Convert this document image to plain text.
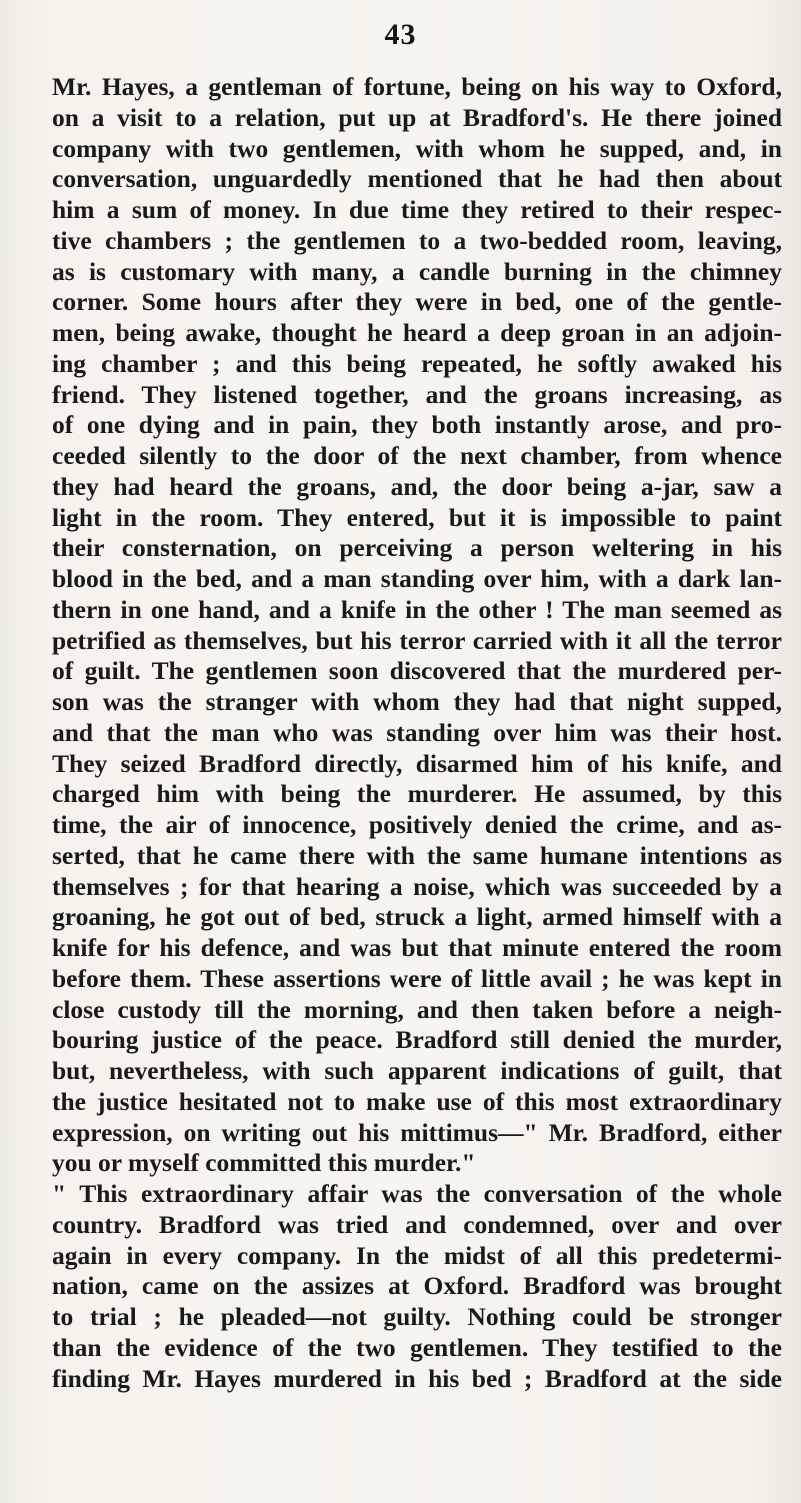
43
Mr. Hayes, a gentleman of fortune, being on his way to Oxford,
on a visit to a relation, put up at Bradford's. He there joined
company with two gentlemen, with whom he supped, and, in
conversation, unguardedly mentioned that he had then about
him a sum of money. In due time they retired to their respec-
tive chambers ; the gentlemen to a two-bedded room, leaving,
as is customary with many, a candle burning in the chimney
corner. Some hours after they were in bed, one of the gentle-
men, being awake, thought he heard a deep groan in an adjoin-
ing chamber ; and this being repeated, he softly awaked his
friend. They listened together, and the groans increasing, as
of one dying and in pain, they both instantly arose, and pro-
ceeded silently to the door of the next chamber, from whence
they had heard the groans, and, the door being a-jar, saw a
light in the room. They entered, but it is impossible to paint
their consternation, on perceiving a person weltering in his
blood in the bed, and a man standing over him, with a dark lan-
thern in one hand, and a knife in the other ! The man seemed as
petrified as themselves, but his terror carried with it all the terror
of guilt. The gentlemen soon discovered that the murdered per-
son was the stranger with whom they had that night supped,
and that the man who was standing over him was their host.
They seized Bradford directly, disarmed him of his knife, and
charged him with being the murderer. He assumed, by this
time, the air of innocence, positively denied the crime, and as-
serted, that he came there with the same humane intentions as
themselves ; for that hearing a noise, which was succeeded by a
groaning, he got out of bed, struck a light, armed himself with a
knife for his defence, and was but that minute entered the room
before them. These assertions were of little avail ; he was kept in
close custody till the morning, and then taken before a neigh-
bouring justice of the peace. Bradford still denied the murder,
but, nevertheless, with such apparent indications of guilt, that
the justice hesitated not to make use of this most extraordinary
expression, on writing out his mittimus—" Mr. Bradford, either
you or myself committed this murder."
" This extraordinary affair was the conversation of the whole
country. Bradford was tried and condemned, over and over
again in every company. In the midst of all this predetermi-
nation, came on the assizes at Oxford. Bradford was brought
to trial ; he pleaded—not guilty. Nothing could be stronger
than the evidence of the two gentlemen. They testified to the
finding Mr. Hayes murdered in his bed ; Bradford at the side
